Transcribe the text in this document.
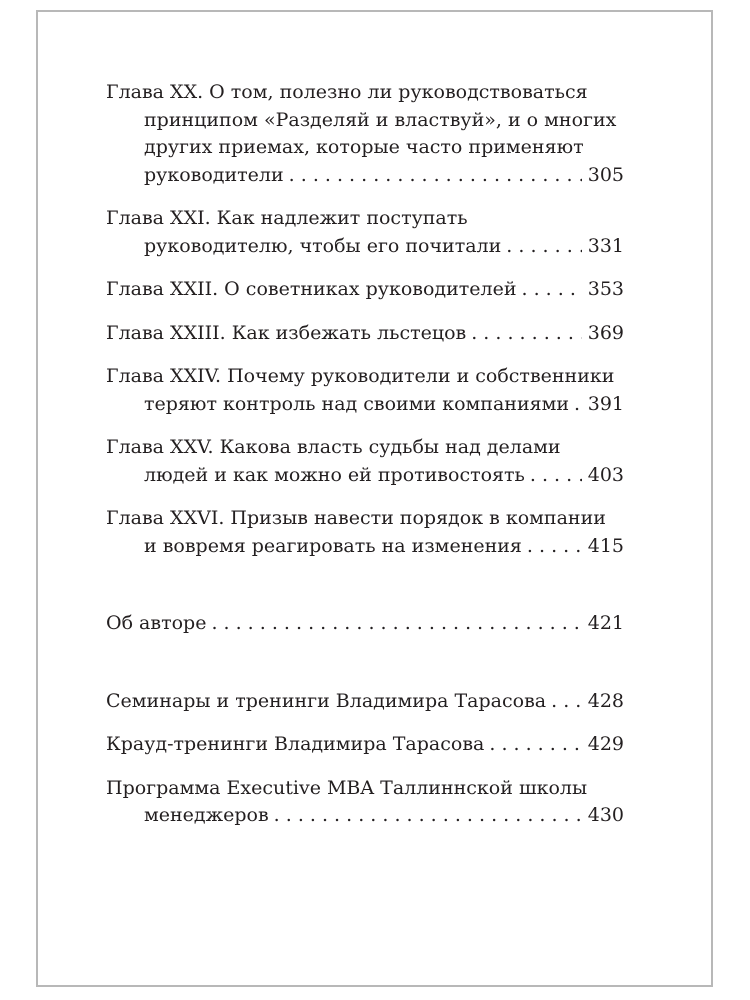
Глава XX. О том, полезно ли руководствоваться
принципом «Разделяй и властвуй», и о многих
других приемах, которые часто применяют
руководители . . .	305
Глава XXI. Как надлежит поступать
руководителю, чтобы его почитали . . .	331
Глава XXII. О советниках руководителей . . .	353
Глава XXIII. Как избежать льстецов . . .	369
Глава XXIV. Почему руководители и собственники
теряют контроль над своими компаниями . . . 391
Глава XXV. Какова власть судьбы над делами
людей и как можно ей противостоять . . .	403
Глава XXVI. Призыв навести порядок в компании
и вовремя реагировать на изменения . . .	415
Об авторе . . .	421
Семинары и тренинги Владимира Тарасова . . . 428
Крауд-тренинги Владимира Тарасова . . .	429
Программа Executive MBA Таллиннской школы
менеджеров . . .	430
